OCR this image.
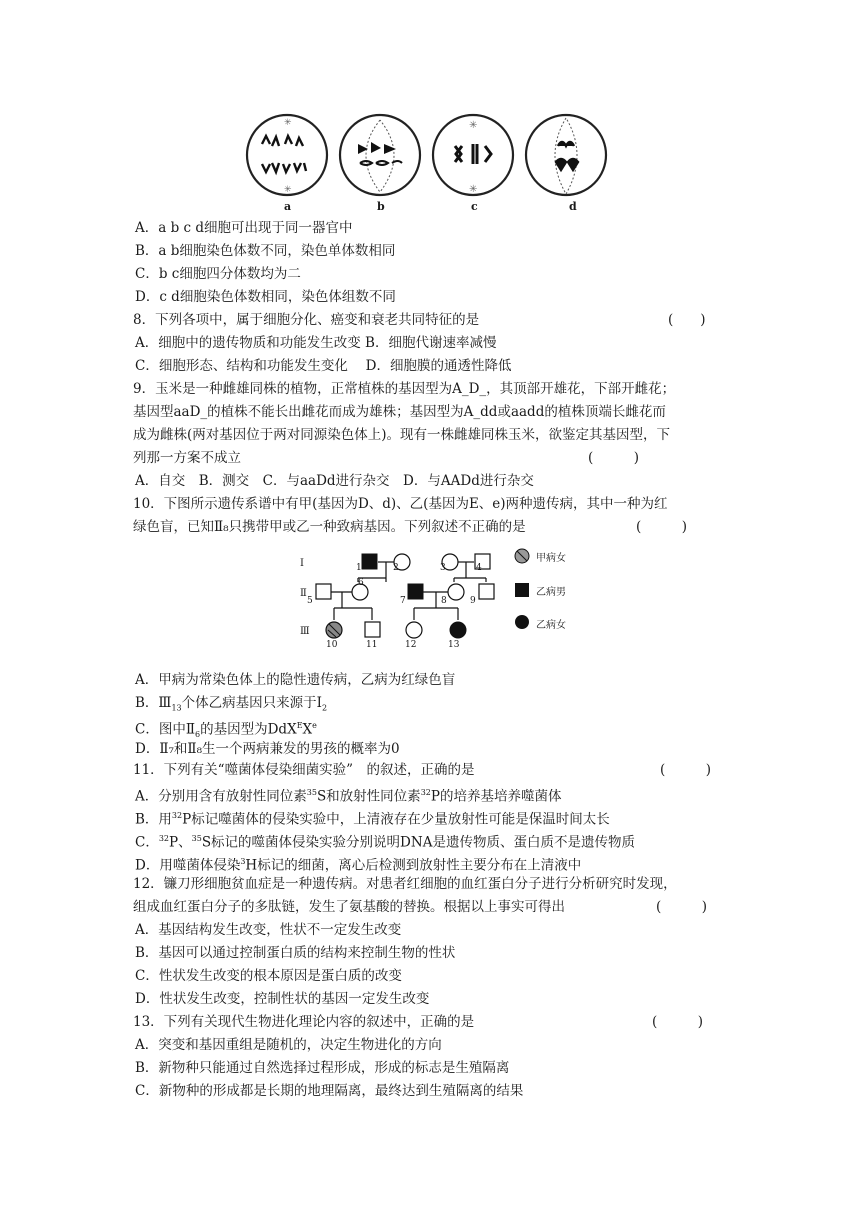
✳
✳
✳
✳
a	b	c	d
A．a b c d细胞可出现于同一器官中
B．a b细胞染色体数不同，染色单体数相同
C．b c细胞四分体数均为二
D．c d细胞染色体数相同，染色体组数不同
8．下列各项中，属于细胞分化、癌变和衰老共同特征的是	(　　)
A．细胞中的遗传物质和功能发生改变 B．细胞代谢速率减慢
C．细胞形态、结构和功能发生变化　 D．细胞膜的通透性降低
9．玉米是一种雌雄同株的植物，正常植株的基因型为A_D_，其顶部开雄花，下部开雌花；
基因型aaD_的植株不能长出雌花而成为雄株；基因型为A_dd或aadd的植株顶端长雌花而
成为雌株(两对基因位于两对同源染色体上)。现有一株雌雄同株玉米，欲鉴定其基因型，下
列那一方案不成立	(　　　)
A．自交　B．测交　C．与aaDd进行杂交　D．与AADd进行杂交
10．下图所示遗传系谱中有甲(基因为D、d)、乙(基因为E、e)两种遗传病，其中一种为红
绿色盲，已知Ⅱ₈只携带甲或乙一种致病基因。下列叙述不正确的是	(　　　)
Ⅰ
Ⅱ
Ⅲ
1	2	3	4
5
6
7	8	9
10	11	12	13
甲病女
乙病男
乙病女
A．甲病为常染色体上的隐性遗传病，乙病为红绿色盲
B．$Ⅲ_{13}$个体乙病基因只来源于$Ⅰ_2$
C．图中$Ⅱ_6$的基因型为DdX$^E$Xe
D．Ⅱ₇和Ⅱ₈生一个两病兼发的男孩的概率为0
11．下列有关“噬菌体侵染细菌实验”　的叙述，正确的是	(　　　)
A．分别用含有放射性同位素$^{35}$S和放射性同位素$^{32}$P的培养基培养噬菌体
B．用$^{32}$P标记噬菌体的侵染实验中，上清液存在少量放射性可能是保温时间太长
C．$^{32}$P、$^{35}$S标记的噬菌体侵染实验分别说明DNA是遗传物质、蛋白质不是遗传物质
D．用噬菌体侵染$^3$H标记的细菌，离心后检测到放射性主要分布在上清液中
12．镰刀形细胞贫血症是一种遗传病。对患者红细胞的血红蛋白分子进行分析研究时发现，
组成血红蛋白分子的多肽链，发生了氨基酸的替换。根据以上事实可得出	(　　　)
A．基因结构发生改变，性状不一定发生改变
B．基因可以通过控制蛋白质的结构来控制生物的性状
C．性状发生改变的根本原因是蛋白质的改变
D．性状发生改变，控制性状的基因一定发生改变
13．下列有关现代生物进化理论内容的叙述中，正确的是	(　　　)
A．突变和基因重组是随机的，决定生物进化的方向
B．新物种只能通过自然选择过程形成，形成的标志是生殖隔离
C．新物种的形成都是长期的地理隔离，最终达到生殖隔离的结果
